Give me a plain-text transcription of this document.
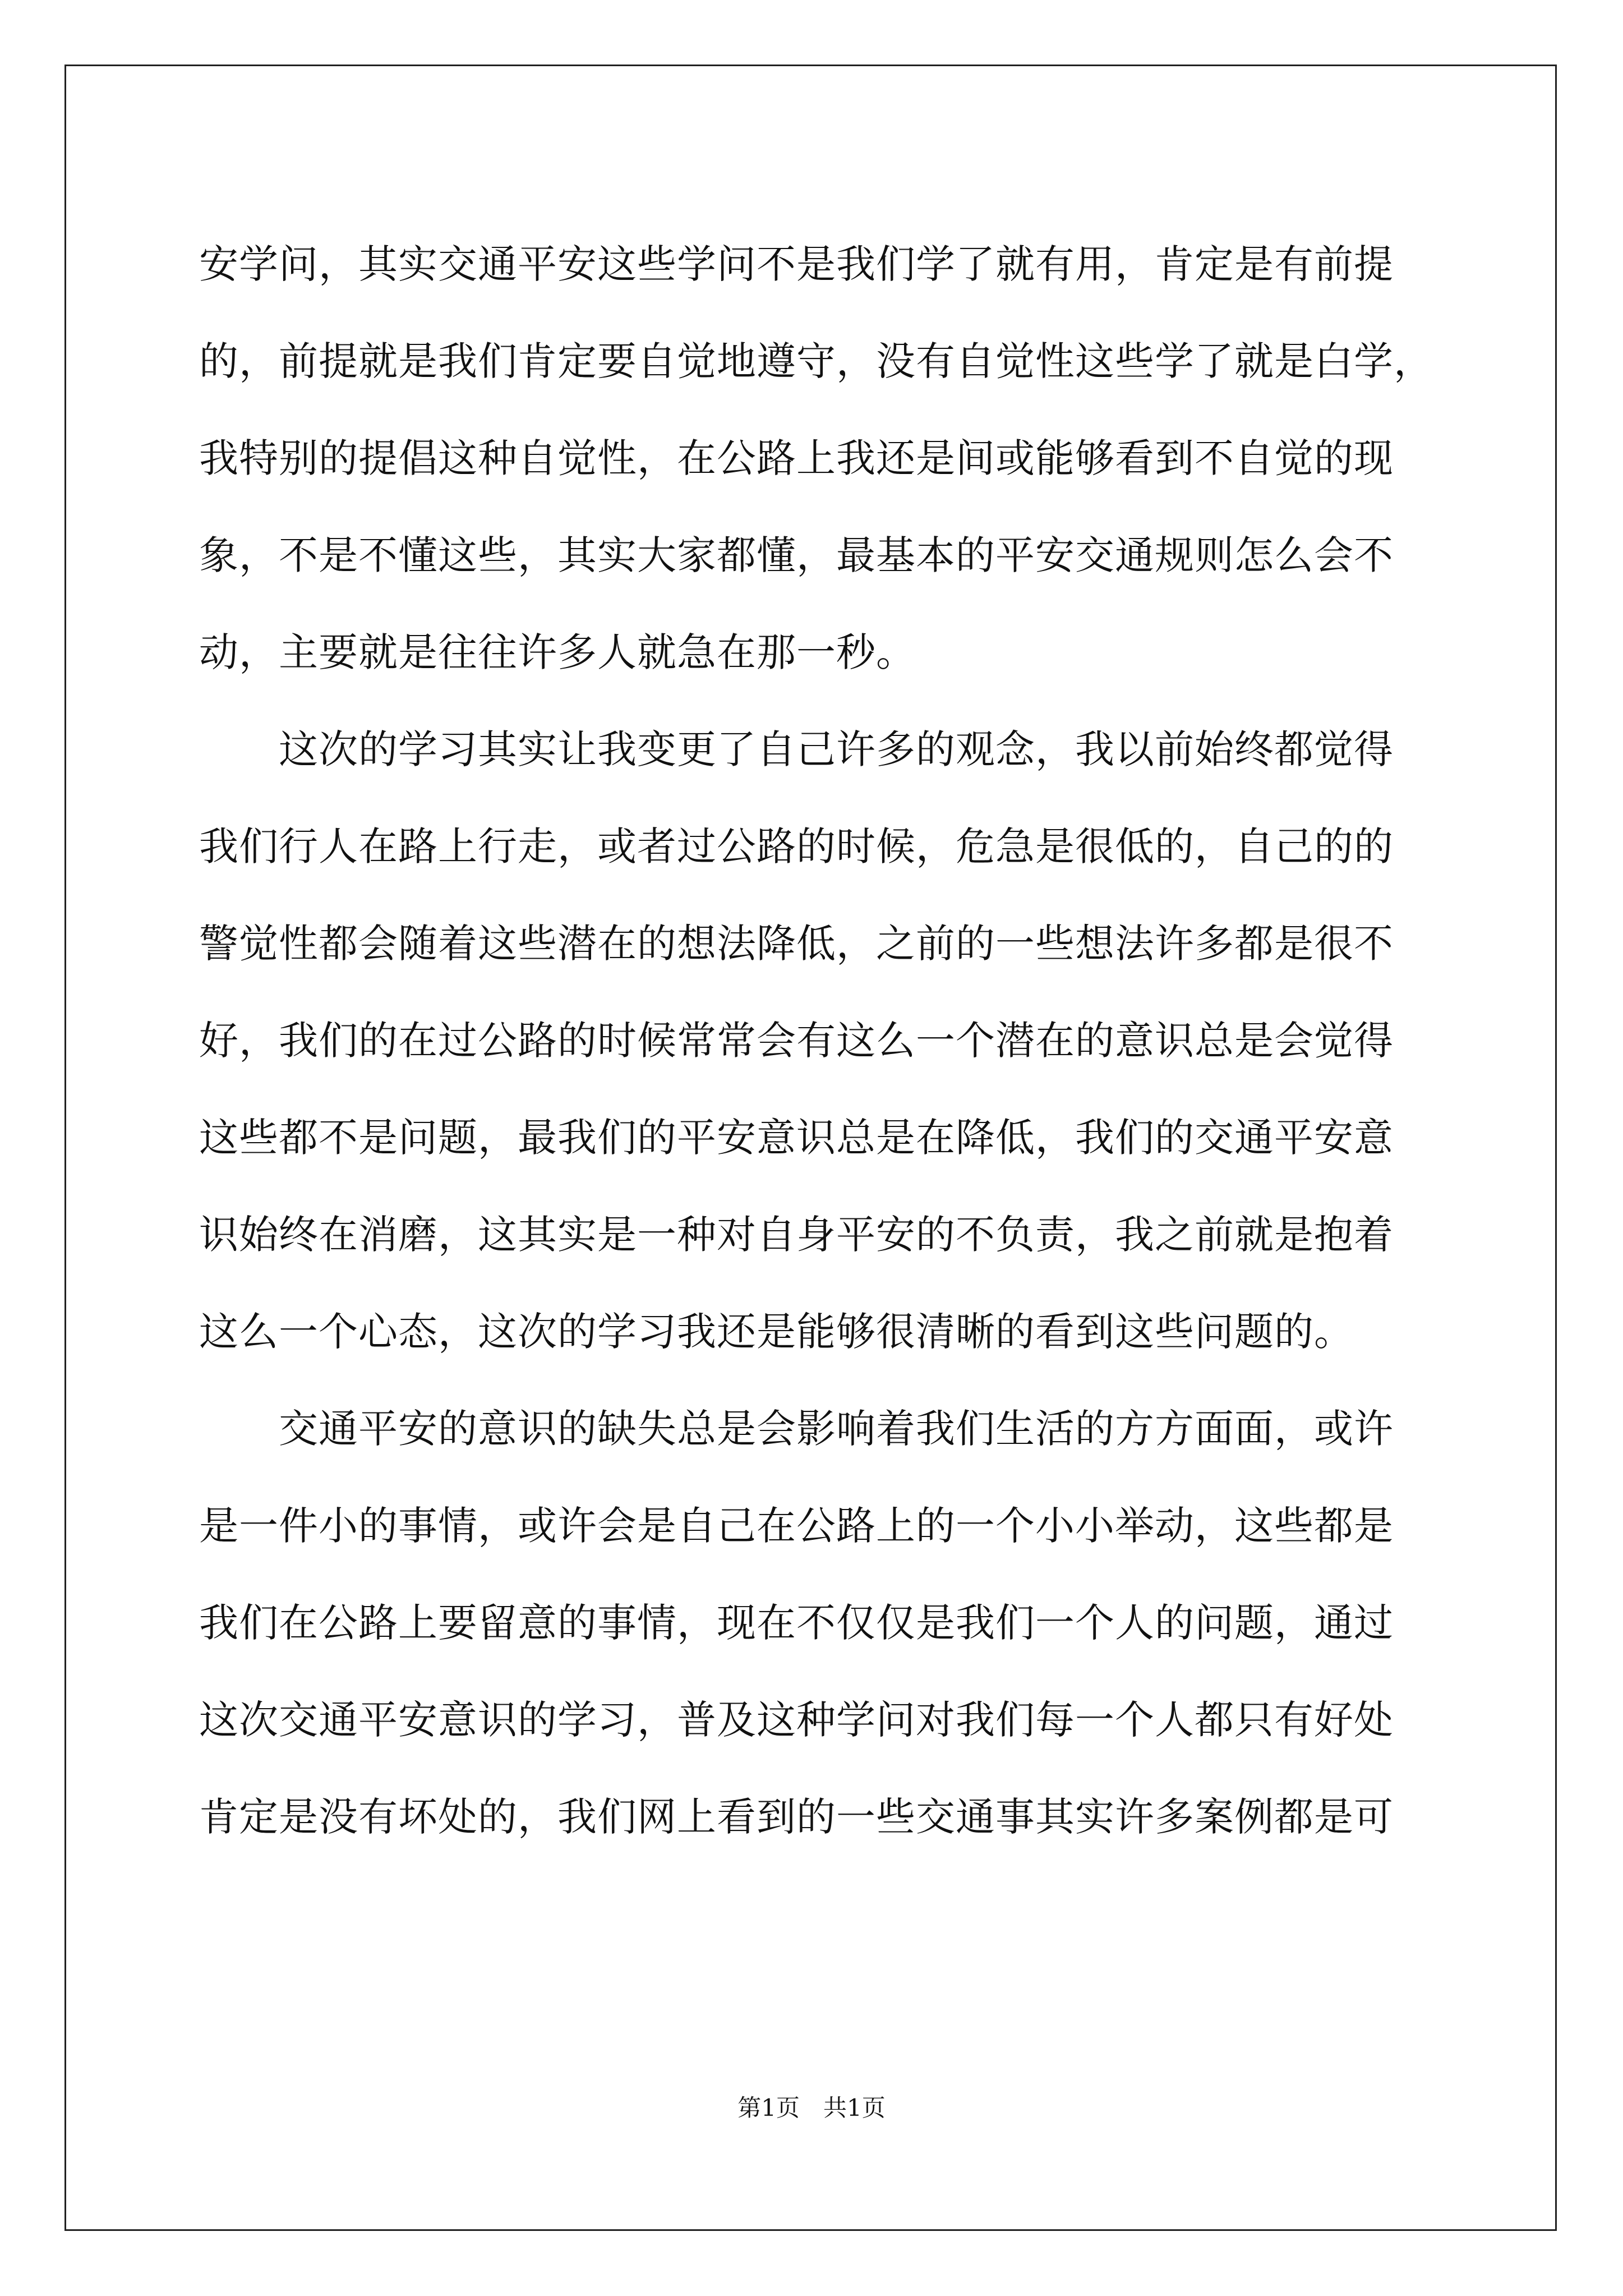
安学问，其实交通平安这些学问不是我们学了就有用，肯定是有前提
的，前提就是我们肯定要自觉地遵守，没有自觉性这些学了就是白学，
我特别的提倡这种自觉性，在公路上我还是间或能够看到不自觉的现
象，不是不懂这些，其实大家都懂，最基本的平安交通规则怎么会不
动，主要就是往往许多人就急在那一秒。
　　这次的学习其实让我变更了自己许多的观念，我以前始终都觉得
我们行人在路上行走，或者过公路的时候，危急是很低的，自己的的
警觉性都会随着这些潜在的想法降低，之前的一些想法许多都是很不
好，我们的在过公路的时候常常会有这么一个潜在的意识总是会觉得
这些都不是问题，最我们的平安意识总是在降低，我们的交通平安意
识始终在消磨，这其实是一种对自身平安的不负责，我之前就是抱着
这么一个心态，这次的学习我还是能够很清晰的看到这些问题的。
　　交通平安的意识的缺失总是会影响着我们生活的方方面面，或许
是一件小的事情，或许会是自己在公路上的一个小小举动，这些都是
我们在公路上要留意的事情，现在不仅仅是我们一个人的问题，通过
这次交通平安意识的学习，普及这种学问对我们每一个人都只有好处
肯定是没有坏处的，我们网上看到的一些交通事其实许多案例都是可
第1页　共1页
